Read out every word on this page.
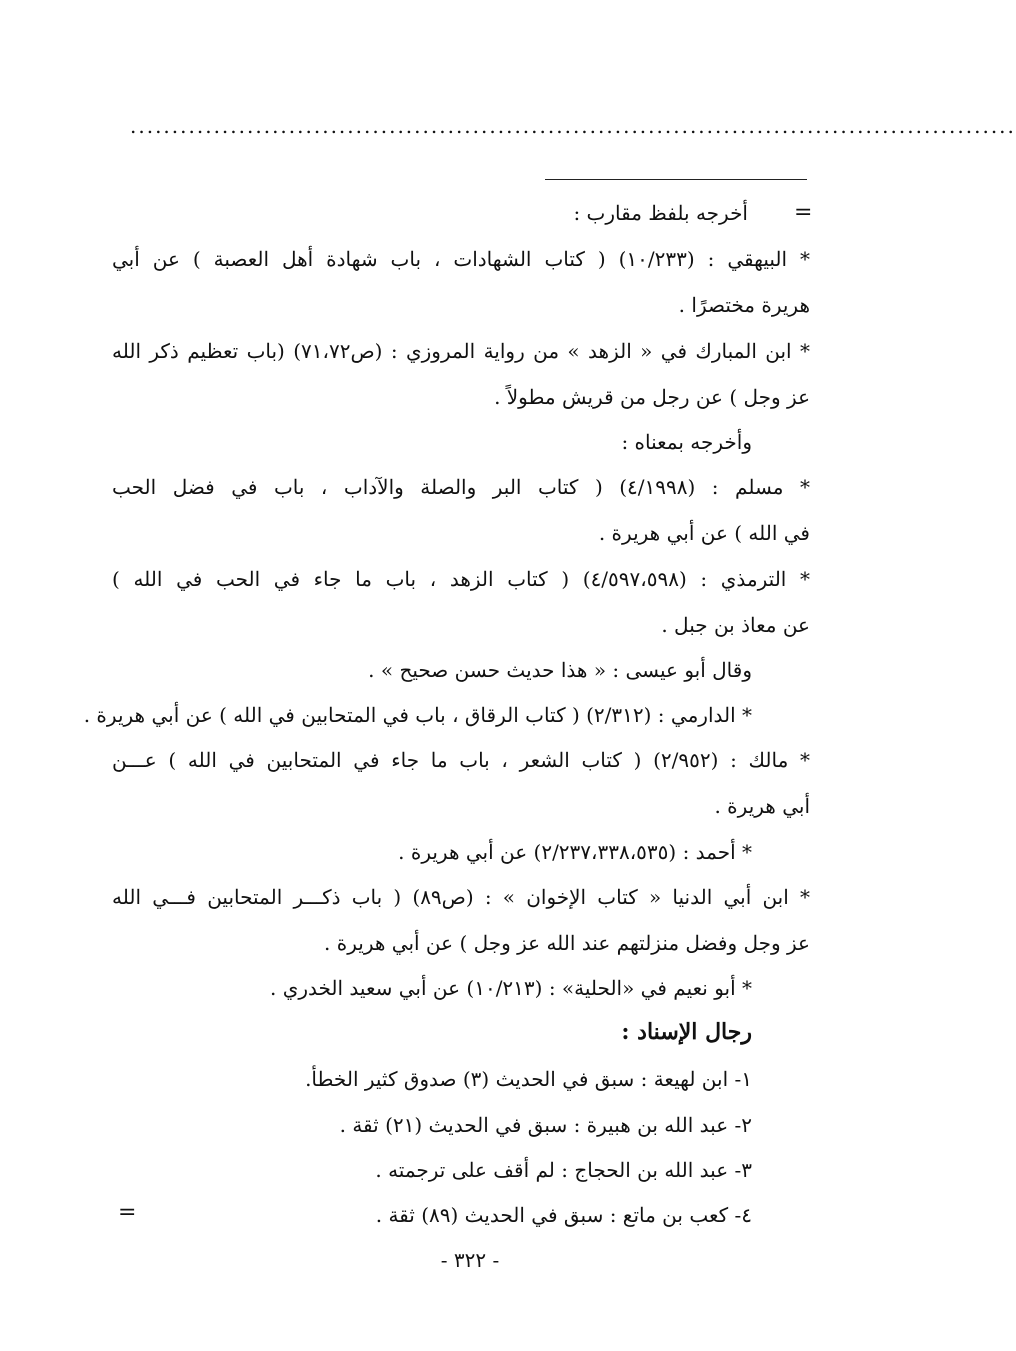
..........................................................................................................
=
أخرجه بلفظ مقارب :
* البيهقي : (١٠/٢٣٣) ( كتاب الشهادات ، باب شهادة أهل العصبة ) عن أبي
هريرة مختصرًا .
* ابن المبارك في « الزهد » من رواية المروزي : (ص٧١،٧٢) (باب تعظيم ذكر الله
عز وجل ) عن رجل من قريش مطولاً .
وأخرجه بمعناه :
* مسلم : (٤/١٩٩٨) ( كتاب البر والصلة والآداب ، باب في فضل الحب
في الله ) عن أبي هريرة .
* الترمذي : (٤/٥٩٧،٥٩٨) ( كتاب الزهد ، باب ما جاء في الحب في الله )
عن معاذ بن جبل .
وقال أبو عيسى : « هذا حديث حسن صحيح » .
* الدارمي : (٢/٣١٢) ( كتاب الرقاق ، باب في المتحابين في الله ) عن أبي هريرة .
* مالك : (٢/٩٥٢) ( كتاب الشعر ، باب ما جاء في المتحابين في الله ) عـــن
أبي هريرة .
* أحمد : (٢/٢٣٧،٣٣٨،٥٣٥) عن أبي هريرة .
* ابن أبي الدنيا « كتاب الإخوان » : (ص٨٩) ( باب ذكـــر المتحابين فـــي الله
عز وجل وفضل منزلتهم عند الله عز وجل ) عن أبي هريرة .
* أبو نعيم في «الحلية» : (١٠/٢١٣) عن أبي سعيد الخدري .
رجال الإسناد :
١- ابن لهيعة : سبق في الحديث (٣) صدوق كثير الخطأ.
٢- عبد الله بن هبيرة : سبق في الحديث (٢١) ثقة .
٣- عبد الله بن الحجاج : لم أقف على ترجمته .
٤- كعب بن ماتع : سبق في الحديث (٨٩) ثقة .
=
- ٣٢٢ -
